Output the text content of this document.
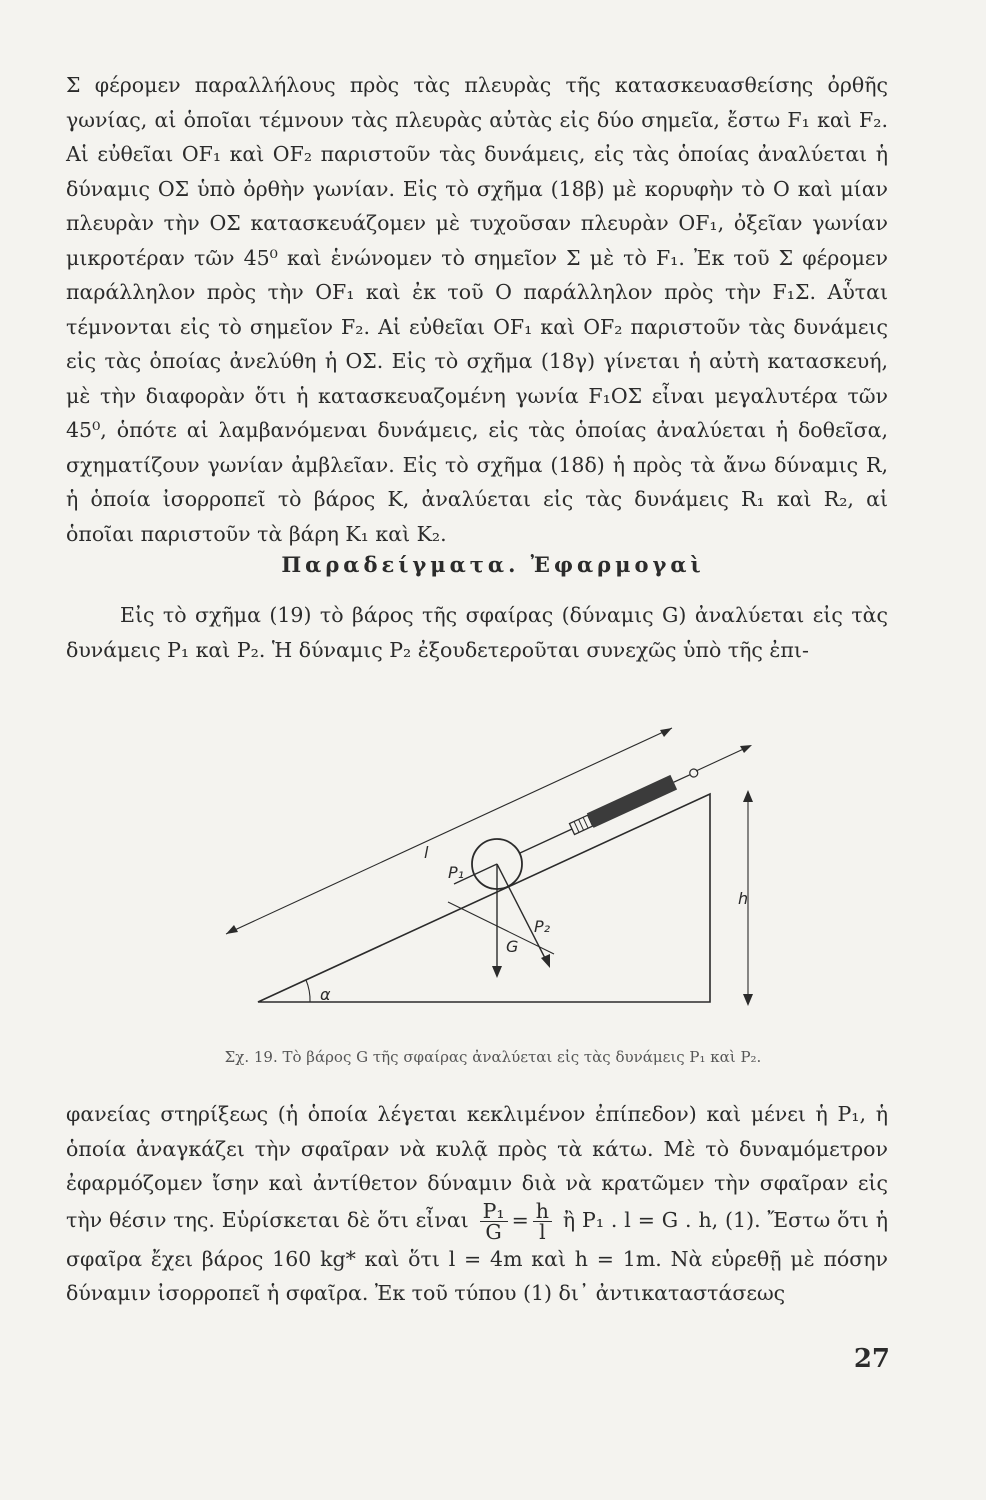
Σ φέρομεν παραλλήλους πρὸς τὰς πλευρὰς τῆς κατασκευασθείσης ὀρθῆς γωνίας, αἱ ὁποῖαι τέμνουν τὰς πλευρὰς αὐτὰς εἰς δύο σημεῖα, ἔστω F₁ καὶ F₂. Αἱ εὐθεῖαι OF₁ καὶ OF₂ παριστοῦν τὰς δυνάμεις, εἰς τὰς ὁποίας ἀναλύεται ἡ δύναμις ΟΣ ὑπὸ ὀρθὴν γωνίαν. Εἰς τὸ σχῆμα (18β) μὲ κορυφὴν τὸ Ο καὶ μίαν πλευρὰν τὴν ΟΣ κατασκευάζομεν μὲ τυχοῦσαν πλευρὰν OF₁, ὀξεῖαν γωνίαν μικροτέραν τῶν 45⁰ καὶ ἑνώνομεν τὸ σημεῖον Σ μὲ τὸ F₁. Ἐκ τοῦ Σ φέρομεν παράλληλον πρὸς τὴν OF₁ καὶ ἐκ τοῦ Ο παράλληλον πρὸς τὴν F₁Σ. Αὗται τέμνονται εἰς τὸ σημεῖον F₂. Αἱ εὐθεῖαι OF₁ καὶ OF₂ παριστοῦν τὰς δυνάμεις εἰς τὰς ὁποίας ἀνελύθη ἡ ΟΣ. Εἰς τὸ σχῆμα (18γ) γίνεται ἡ αὐτὴ κατασκευή, μὲ τὴν διαφορὰν ὅτι ἡ κατασκευαζομένη γωνία F₁ΟΣ εἶναι μεγαλυτέρα τῶν 45⁰, ὁπότε αἱ λαμβανόμεναι δυνάμεις, εἰς τὰς ὁποίας ἀναλύεται ἡ δοθεῖσα, σχηματίζουν γωνίαν ἀμβλεῖαν. Εἰς τὸ σχῆμα (18δ) ἡ πρὸς τὰ ἄνω δύναμις R, ἡ ὁποία ἰσορροπεῖ τὸ βάρος K, ἀναλύεται εἰς τὰς δυνάμεις R₁ καὶ R₂, αἱ ὁποῖαι παριστοῦν τὰ βάρη K₁ καὶ K₂.

Παραδείγματα. Ἐφαρμογαὶ

Εἰς τὸ σχῆμα (19) τὸ βάρος τῆς σφαίρας (δύναμις G) ἀναλύεται εἰς τὰς δυνάμεις P₁ καὶ P₂. Ἡ δύναμις P₂ ἐξουδετεροῦται συνεχῶς ὑπὸ τῆς ἐπι-

l
h
α
G
P₁
P₂

Σχ. 19. Τὸ βάρος G τῆς σφαίρας ἀναλύεται εἰς τὰς δυνάμεις P₁ καὶ P₂.

φανείας στηρίξεως (ἡ ὁποία λέγεται κεκλιμένον ἐπίπεδον) καὶ μένει ἡ P₁, ἡ ὁποία ἀναγκάζει τὴν σφαῖραν νὰ κυλᾷ πρὸς τὰ κάτω. Μὲ τὸ δυναμόμετρον ἐφαρμόζομεν ἴσην καὶ ἀντίθετον δύναμιν διὰ νὰ κρατῶμεν τὴν σφαῖραν εἰς τὴν θέσιν της. Εὑρίσκεται δὲ ὅτι εἶναι $\frac{\text{P₁}}{G} = \frac{h}{l}$ ἢ P₁ . l = G . h, (1). Ἔστω ὅτι ἡ σφαῖρα ἔχει βάρος 160 kg* καὶ ὅτι l = 4m καὶ h = 1m. Νὰ εὑρεθῇ μὲ πόσην δύναμιν ἰσορροπεῖ ἡ σφαῖρα. Ἐκ τοῦ τύπου (1) δι᾽ ἀντικαταστάσεως

27
